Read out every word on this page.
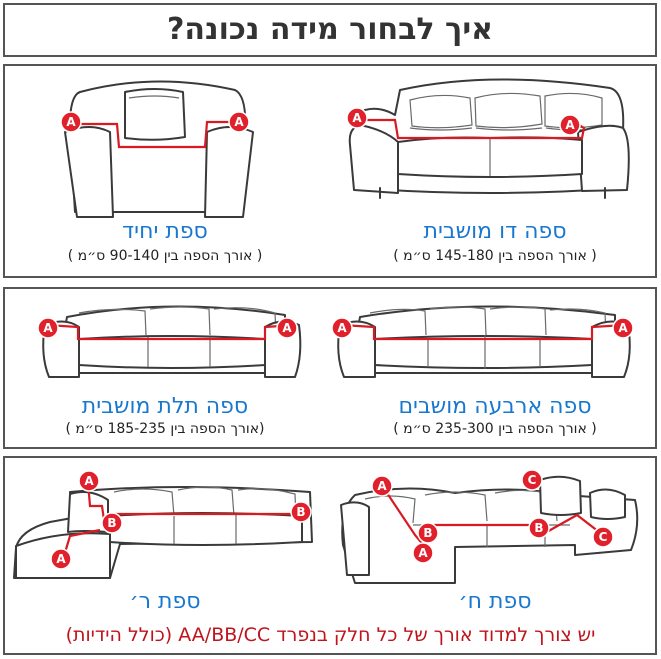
איך לבחור מידה נכונה?
A	A
ספה דו מושבית
( אורך הספה בין 145-180 ס״מ )
A	A
ספת יחיד
( אורך הספה בין 90-140 ס״מ )
A	A
ספה ארבעה מושבים
( אורך הספה בין 235-300 ס״מ )
A	A
ספה תלת מושבית
(אורך הספה בין 185-235 ס״מ )
A
A
B	B
C
C
ספת ח׳
A
A
B
B
ספת ר׳
יש צורך למדוד אורך של כל חלק בנפרד AA/BB/CC (כולל הידיות)
